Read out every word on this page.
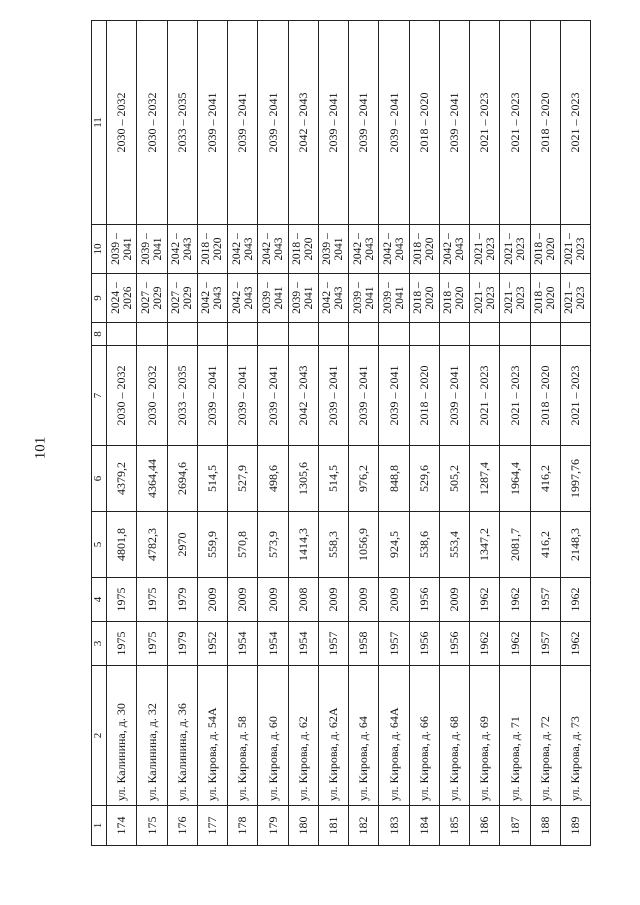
101
1	2	3	4	5	6	7	8	9	10	11
174	ул. Калинина, д. 30	1975	1975	4801,8	4379,2	2030 – 2032		2024 – 2026	2039 – 2041	2030 – 2032
175	ул. Калинина, д. 32	1975	1975	4782,3	4364,44	2030 – 2032		2027 – 2029	2039 – 2041	2030 – 2032
176	ул. Калинина, д. 36	1979	1979	2970	2694,6	2033 – 2035		2027 – 2029	2042 – 2043	2033 – 2035
177	ул. Кирова, д. 54А	1952	2009	559,9	514,5	2039 – 2041		2042 – 2043	2018 – 2020	2039 – 2041
178	ул. Кирова, д. 58	1954	2009	570,8	527,9	2039 – 2041		2042 – 2043	2042 – 2043	2039 – 2041
179	ул. Кирова, д. 60	1954	2009	573,9	498,6	2039 – 2041		2039 – 2041	2042 – 2043	2039 – 2041
180	ул. Кирова, д. 62	1954	2008	1414,3	1305,6	2042 – 2043		2039 – 2041	2018 – 2020	2042 – 2043
181	ул. Кирова, д. 62А	1957	2009	558,3	514,5	2039 – 2041		2042 – 2043	2039 – 2041	2039 – 2041
182	ул. Кирова, д. 64	1958	2009	1056,9	976,2	2039 – 2041		2039 – 2041	2042 – 2043	2039 – 2041
183	ул. Кирова, д. 64А	1957	2009	924,5	848,8	2039 – 2041		2039 – 2041	2042 – 2043	2039 – 2041
184	ул. Кирова, д. 66	1956	1956	538,6	529,6	2018 – 2020		2018 – 2020	2018 – 2020	2018 – 2020
185	ул. Кирова, д. 68	1956	2009	553,4	505,2	2039 – 2041		2018 – 2020	2042 – 2043	2039 – 2041
186	ул. Кирова, д. 69	1962	1962	1347,2	1287,4	2021 – 2023		2021 – 2023	2021 – 2023	2021 – 2023
187	ул. Кирова, д. 71	1962	1962	2081,7	1964,4	2021 – 2023		2021 – 2023	2021 – 2023	2021 – 2023
188	ул. Кирова, д. 72	1957	1957	416,2	416,2	2018 – 2020		2018 – 2020	2018 – 2020	2018 – 2020
189	ул. Кирова, д. 73	1962	1962	2148,3	1997,76	2021 – 2023		2021 – 2023	2021 – 2023	2021 – 2023
